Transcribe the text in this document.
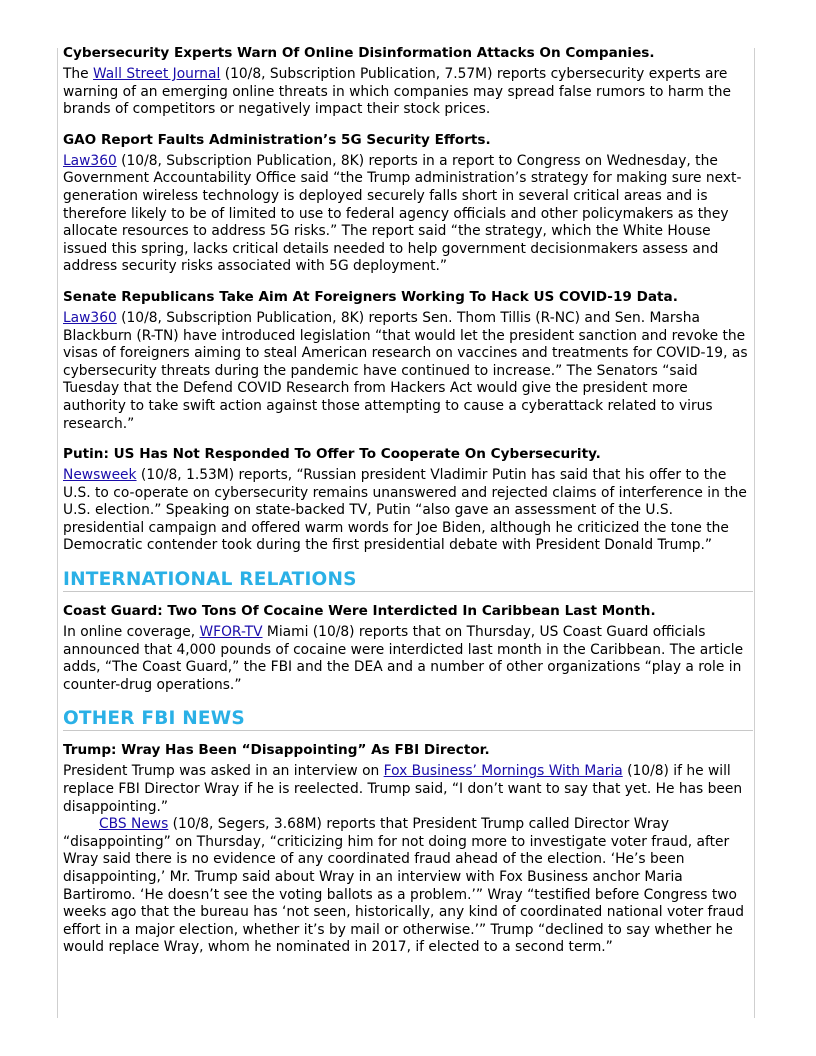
Cybersecurity Experts Warn Of Online Disinformation Attacks On Companies.

The Wall Street Journal (10/8, Subscription Publication, 7.57M) reports cybersecurity experts are warning of an emerging online threats in which companies may spread false rumors to harm the brands of competitors or negatively impact their stock prices.

GAO Report Faults Administration’s 5G Security Efforts.

Law360 (10/8, Subscription Publication, 8K) reports in a report to Congress on Wednesday, the Government Accountability Office said “the Trump administration’s strategy for making sure next-generation wireless technology is deployed securely falls short in several critical areas and is therefore likely to be of limited to use to federal agency officials and other policymakers as they allocate resources to address 5G risks.” The report said “the strategy, which the White House issued this spring, lacks critical details needed to help government decisionmakers assess and address security risks associated with 5G deployment.”

Senate Republicans Take Aim At Foreigners Working To Hack US COVID-19 Data.

Law360 (10/8, Subscription Publication, 8K) reports Sen. Thom Tillis (R-NC) and Sen. Marsha Blackburn (R-TN) have introduced legislation “that would let the president sanction and revoke the visas of foreigners aiming to steal American research on vaccines and treatments for COVID-19, as cybersecurity threats during the pandemic have continued to increase.” The Senators “said Tuesday that the Defend COVID Research from Hackers Act would give the president more authority to take swift action against those attempting to cause a cyberattack related to virus research.”

Putin: US Has Not Responded To Offer To Cooperate On Cybersecurity.

Newsweek (10/8, 1.53M) reports, “Russian president Vladimir Putin has said that his offer to the U.S. to co-operate on cybersecurity remains unanswered and rejected claims of interference in the U.S. election.” Speaking on state-backed TV, Putin “also gave an assessment of the U.S. presidential campaign and offered warm words for Joe Biden, although he criticized the tone the Democratic contender took during the first presidential debate with President Donald Trump.”

INTERNATIONAL RELATIONS
Coast Guard: Two Tons Of Cocaine Were Interdicted In Caribbean Last Month.

In online coverage, WFOR-TV Miami (10/8) reports that on Thursday, US Coast Guard officials announced that 4,000 pounds of cocaine were interdicted last month in the Caribbean. The article adds, “The Coast Guard,” the FBI and the DEA and a number of other organizations “play a role in counter-drug operations.”

OTHER FBI NEWS
Trump: Wray Has Been “Disappointing” As FBI Director.

President Trump was asked in an interview on Fox Business’ Mornings With Maria (10/8) if he will replace FBI Director Wray if he is reelected. Trump said, “I don’t want to say that yet. He has been disappointing.”

CBS News (10/8, Segers, 3.68M) reports that President Trump called Director Wray “disappointing” on Thursday, “criticizing him for not doing more to investigate voter fraud, after Wray said there is no evidence of any coordinated fraud ahead of the election. ‘He’s been disappointing,’ Mr. Trump said about Wray in an interview with Fox Business anchor Maria Bartiromo. ‘He doesn’t see the voting ballots as a problem.’” Wray “testified before Congress two weeks ago that the bureau has ‘not seen, historically, any kind of coordinated national voter fraud effort in a major election, whether it’s by mail or otherwise.’” Trump “declined to say whether he would replace Wray, whom he nominated in 2017, if elected to a second term.”
